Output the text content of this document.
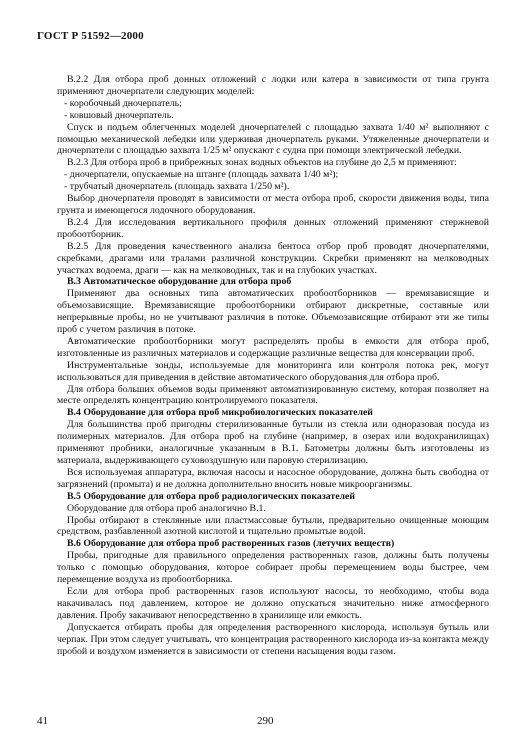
ГОСТ Р 51592—2000

В.2.2 Для отбора проб донных отложений с лодки или катера в зависимости от типа грунта применяют дночерпатели следующих моделей:

- коробочный дночерпатель;

- ковшовый дночерпатель.

Спуск и подъем облегченных моделей дночерпателей с площадью захвата 1/40 м² выполняют с помощью механической лебедки или удерживая дночерпатель руками. Утяжеленные дночерпатели и дночерпатели с площадью захвата 1/25 м² опускают с судна при помощи электрической лебедки.

В.2.3 Для отбора проб в прибрежных зонах водных объектов на глубине до 2,5 м применяют:

- дночерпатели, опускаемые на штанге (площадь захвата 1/40 м²);

- трубчатый дночерпатель (площадь захвата 1/250 м²).

Выбор дночерпателя проводят в зависимости от места отбора проб, скорости движения воды, типа грунта и имеющегося лодочного оборудования.

В.2.4 Для исследования вертикального профиля донных отложений применяют стержневой пробоотборник.

В.2.5 Для проведения качественного анализа бентоса отбор проб проводят дночерпателями, скребками, драгами или тралами различной конструкции. Скребки применяют на мелководных участках водоема, драги — как на мелководных, так и на глубоких участках.

В.3 Автоматическое оборудование для отбора проб

Применяют два основных типа автоматических пробоотборников — времязависящие и объемозависящие. Времязависящие пробоотборники отбирают дискретные, составные или непрерывные пробы, но не учитывают различия в потоке. Объемозависящие отбирают эти же типы проб с учетом различия в потоке.

Автоматические пробоотборники могут распределять пробы в емкости для отбора проб, изготовленные из различных материалов и содержащие различные вещества для консервации проб.

Инструментальные зонды, используемые для мониторинга или контроля потока рек, могут использоваться для приведения в действие автоматического оборудования для отбора проб.

Для отбора больших объемов воды применяют автоматизированную систему, которая позволяет на месте определять концентрацию контролируемого показателя.

В.4 Оборудование для отбора проб микробиологических показателей

Для большинства проб пригодны стерилизованные бутыли из стекла или одноразовая посуда из полимерных материалов. Для отбора проб на глубине (например, в озерах или водохранилищах) применяют пробники, аналогичные указанным в В.1. Батометры должны быть изготовлены из материала, выдерживающего суховоздушную или паровую стерилизацию.

Вся используемая аппаратура, включая насосы и насосное оборудование, должна быть свободна от загрязнений (промыта) и не должна дополнительно вносить новые микроорганизмы.

В.5 Оборудование для отбора проб радиологических показателей

Оборудование для отбора проб аналогично В.1.

Пробы отбирают в стеклянные или пластмассовые бутыли, предварительно очищенные моющим средством, разбавленной азотной кислотой и тщательно промытые водой.

В.6 Оборудование для отбора проб растворенных газов (летучих веществ)

Пробы, пригодные для правильного определения растворенных газов, должны быть получены только с помощью оборудования, которое собирает пробы перемещением воды быстрее, чем перемещение воздуха из пробоотборника.

Если для отбора проб растворенных газов используют насосы, то необходимо, чтобы вода накачивалась под давлением, которое не должно опускаться значительно ниже атмосферного давления. Пробу закачивают непосредственно в хранилище или емкость.

Допускается отбирать пробы для определения растворенного кислорода, используя бутыль или черпак. При этом следует учитывать, что концентрация растворенного кислорода из-за контакта между пробой и воздухом изменяется в зависимости от степени насыщения воды газом.

41	290
